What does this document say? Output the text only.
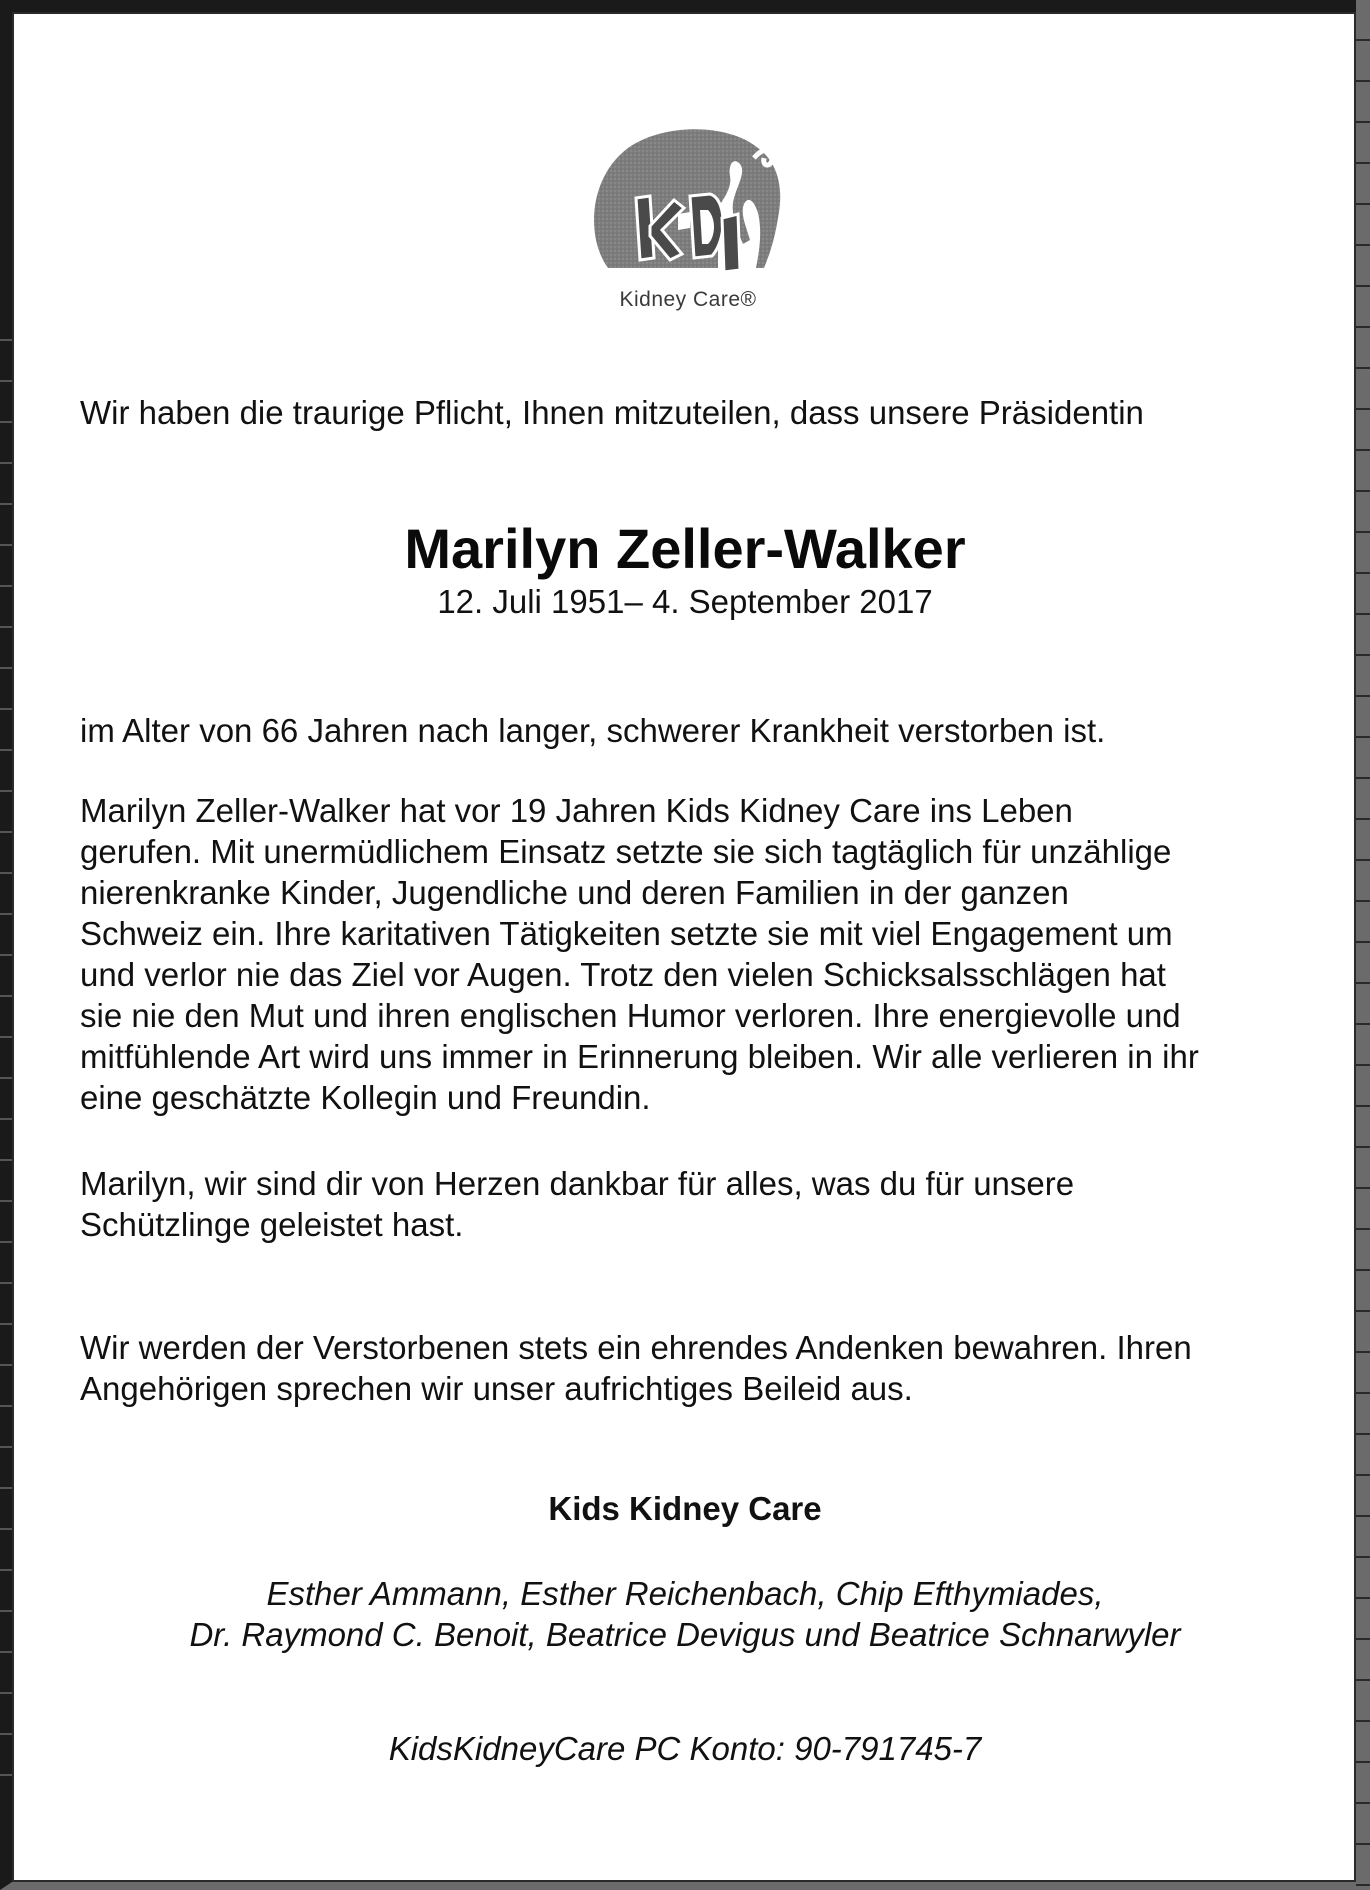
Kidney Care®
Wir haben die traurige Pflicht, Ihnen mitzuteilen, dass unsere Präsidentin
Marilyn Zeller-Walker
12. Juli 1951– 4. September 2017
im Alter von 66 Jahren nach langer, schwerer Krankheit verstorben ist.

Marilyn Zeller-Walker hat vor 19 Jahren Kids Kidney Care ins Leben

gerufen. Mit unermüdlichem Einsatz setzte sie sich tagtäglich für unzählige

nierenkranke Kinder, Jugendliche und deren Familien in der ganzen

Schweiz ein. Ihre karitativen Tätigkeiten setzte sie mit viel Engagement um

und verlor nie das Ziel vor Augen. Trotz den vielen Schicksalsschlägen hat

sie nie den Mut und ihren englischen Humor verloren. Ihre energievolle und

mitfühlende Art wird uns immer in Erinnerung bleiben. Wir alle verlieren in ihr

eine geschätzte Kollegin und Freundin.

Marilyn, wir sind dir von Herzen dankbar für alles, was du für unsere

Schützlinge geleistet hast.

Wir werden der Verstorbenen stets ein ehrendes Andenken bewahren. Ihren

Angehörigen sprechen wir unser aufrichtiges Beileid aus.

Kids Kidney Care

Esther Ammann, Esther Reichenbach, Chip Efthymiades,

Dr. Raymond C. Benoit, Beatrice Devigus und Beatrice Schnarwyler

KidsKidneyCare PC Konto: 90-791745-7
